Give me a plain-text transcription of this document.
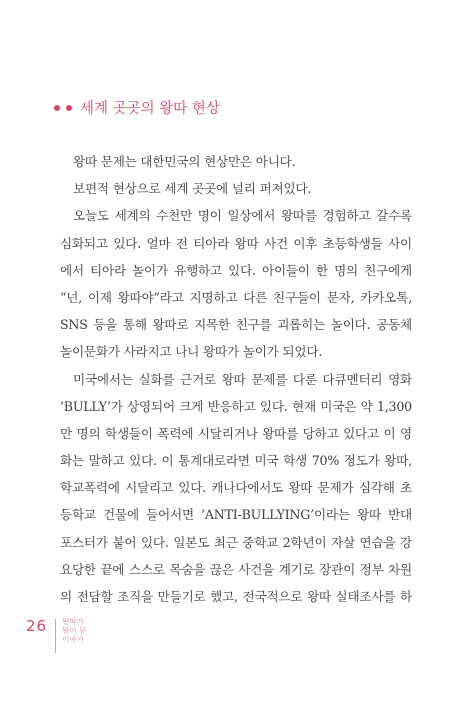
세계 곳곳의 왕따 현상
왕따 문제는 대한민국의 현상만은 아니다.
보편적 현상으로 세계 곳곳에 널리 퍼져있다.
오늘도 세계의 수천만 명이 일상에서 왕따를 경험하고 갈수록
심화되고 있다. 얼마 전 티아라 왕따 사건 이후 초등학생들 사이
에서 티아라 놀이가 유행하고 있다. 아이들이 한 명의 친구에게
“넌, 이제 왕따야”라고 지명하고 다른 친구들이 문자, 카카오톡,
SNS 등을 통해 왕따로 지목한 친구를 괴롭히는 놀이다. 공동체
놀이문화가 사라지고 나니 왕따가 놀이가 되었다.
미국에서는 실화를 근거로 왕따 문제를 다룬 다큐멘터리 영화
‘BULLY’가 상영되어 크게 반응하고 있다. 현재 미국은 약 1,300
만 명의 학생들이 폭력에 시달리거나 왕따를 당하고 있다고 이 영
화는 말하고 있다. 이 통계대로라면 미국 학생 70% 정도가 왕따,
학교폭력에 시달리고 있다. 캐나다에서도 왕따 문제가 심각해 초
등학교 건물에 들어서면 ‘ANTI-BULLYING’이라는 왕따 반대
포스터가 붙어 있다. 일본도 최근 중학교 2학년이 자살 연습을 강
요당한 끝에 스스로 목숨을 끊은 사건을 계기로 장관이 정부 차원
의 전담할 조직을 만들기로 했고, 전국적으로 왕따 실태조사를 하
26 왕따가
왕이 된
이야기
